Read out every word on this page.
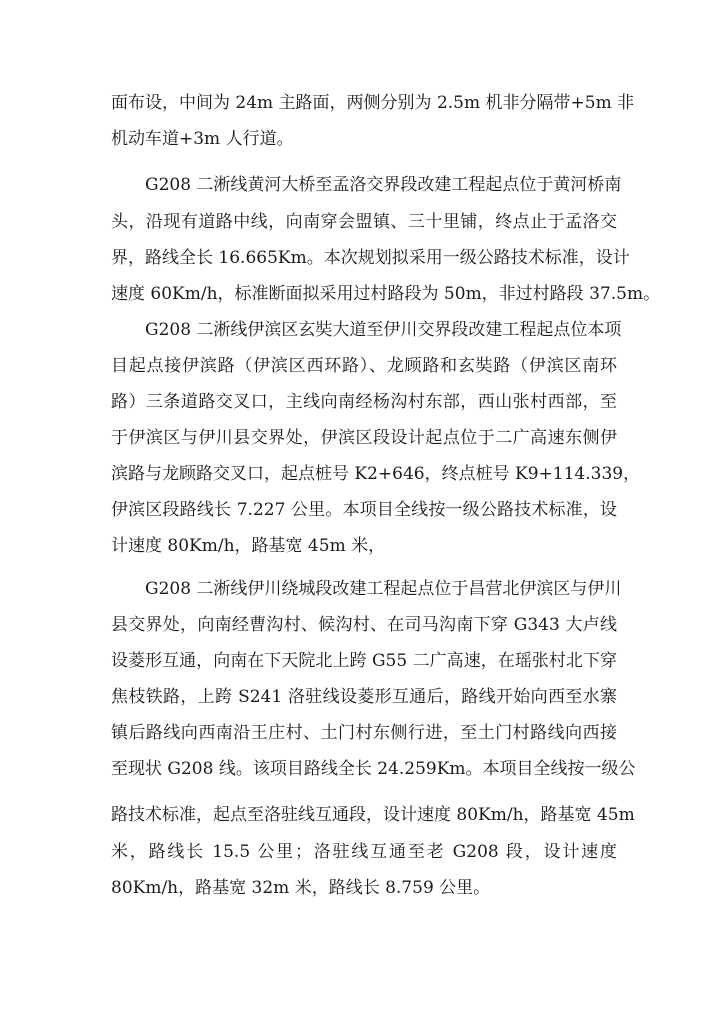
面布设，中间为 24m 主路面，两侧分别为 2.5m 机非分隔带+5m 非
机动车道+3m 人行道。
G208 二淅线黄河大桥至孟洛交界段改建工程起点位于黄河桥南
头，沿现有道路中线，向南穿会盟镇、三十里铺，终点止于孟洛交
界，路线全长 16.665Km。本次规划拟采用一级公路技术标准，设计
速度 60Km/h，标准断面拟采用过村路段为 50m，非过村路段 37.5m。
G208 二淅线伊滨区玄奘大道至伊川交界段改建工程起点位本项
目起点接伊滨路（伊滨区西环路）、龙顾路和玄奘路（伊滨区南环
路）三条道路交叉口，主线向南经杨沟村东部，西山张村西部，至
于伊滨区与伊川县交界处，伊滨区段设计起点位于二广高速东侧伊
滨路与龙顾路交叉口，起点桩号 K2+646，终点桩号 K9+114.339，
伊滨区段路线长 7.227 公里。本项目全线按一级公路技术标准，设
计速度 80Km/h，路基宽 45m 米，
G208 二淅线伊川绕城段改建工程起点位于昌营北伊滨区与伊川
县交界处，向南经曹沟村、候沟村、在司马沟南下穿 G343 大卢线
设菱形互通，向南在下天院北上跨 G55 二广高速，在瑶张村北下穿
焦枝铁路，上跨 S241 洛驻线设菱形互通后，路线开始向西至水寨
镇后路线向西南沿王庄村、土门村东侧行进，至土门村路线向西接
至现状 G208 线。该项目路线全长 24.259Km。本项目全线按一级公
路技术标准，起点至洛驻线互通段，设计速度 80Km/h，路基宽 45m
米，路线长 15.5 公里；洛驻线互通至老 G208 段，设计速度
80Km/h，路基宽 32m 米，路线长 8.759 公里。
